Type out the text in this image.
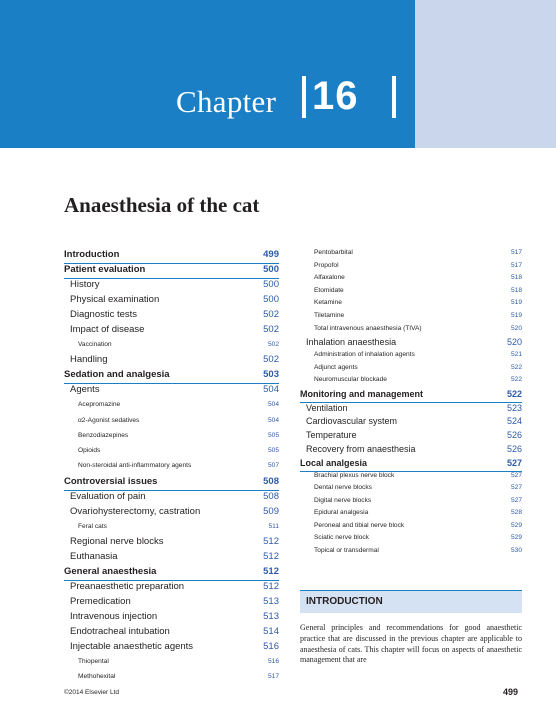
Chapter 16
Anaesthesia of the cat
Introduction	499
Patient evaluation	500
History	500
Physical examination	500
Diagnostic tests	502
Impact of disease	502
Vaccination	502
Handling	502
Sedation and analgesia	503
Agents	504
Acepromazine	504
α2-Agonist sedatives	504
Benzodiazepines	505
Opioids	505
Non-steroidal anti-inflammatory agents	507
Controversial issues	508
Evaluation of pain	508
Ovariohysterectomy, castration	509
Feral cats	511
Regional nerve blocks	512
Euthanasia	512
General anaesthesia	512
Preanaesthetic preparation	512
Premedication	513
Intravenous injection	513
Endotracheal intubation	514
Injectable anaesthetic agents	516
Thiopental	516
Methohexital	517
Pentobarbital	517
Propofol	517
Alfaxalone	518
Etomidate	518
Ketamine	519
Tiletamine	519
Total intravenous anaesthesia (TIVA)	520
Inhalation anaesthesia	520
Administration of inhalation agents	521
Adjunct agents	522
Neuromuscular blockade	522
Monitoring and management	522
Ventilation	523
Cardiovascular system	524
Temperature	526
Recovery from anaesthesia	526
Local analgesia	527
Brachial plexus nerve block	527
Dental nerve blocks	527
Digital nerve blocks	527
Epidural analgesia	528
Peroneal and tibial nerve block	529
Sciatic nerve block	529
Topical or transdermal	530
INTRODUCTION

General principles and recommendations for good anaesthetic practice that are discussed in the previous chapter are applicable to anaesthesia of cats. This chapter will focus on aspects of anaesthetic management that are

©2014 Elsevier Ltd	499
